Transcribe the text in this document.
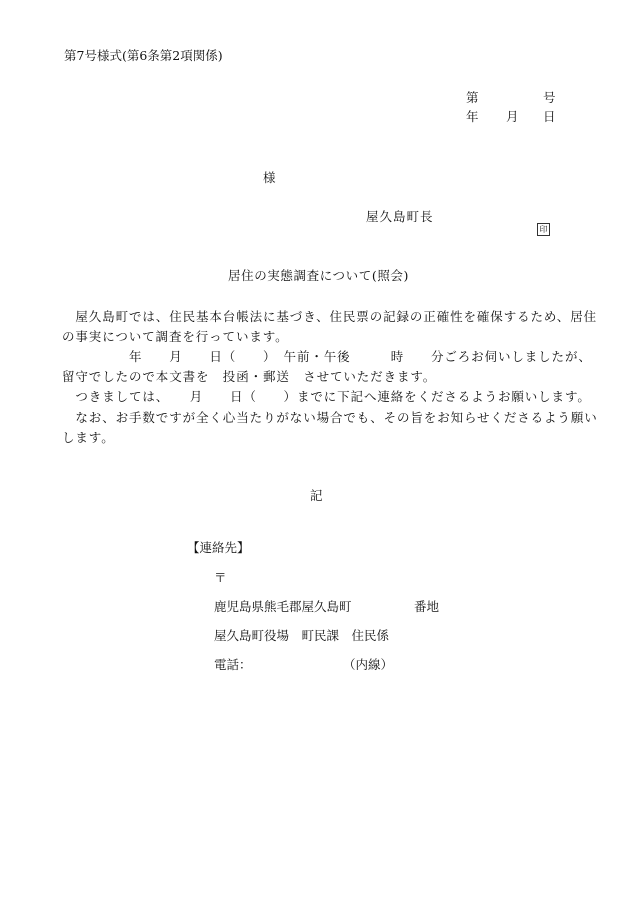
第7号様式(第6条第2項関係)
第	号
年 月 日
様
屋久島町長

印

居住の実態調査について(照会)
　屋久島町では、住民基本台帳法に基づき、住民票の記録の正確性を確保するため、居住
の事実について調査を行っています。
　　　　　年　　月　　日（　　）　午前・午後　　　時　　分ごろお伺いしましたが、
留守でしたので本文書を　投函・郵送　させていただきます。
　つきましては、　　月　　日（　　）までに下記へ連絡をくださるようお願いします。
　なお、お手数ですが全く心当たりがない場合でも、その旨をお知らせくださるよう願い
します。
記
【連絡先】
〒
鹿児島県熊毛郡屋久島町	番地
屋久島町役場　町民課　住民係
電話：	（内線）
